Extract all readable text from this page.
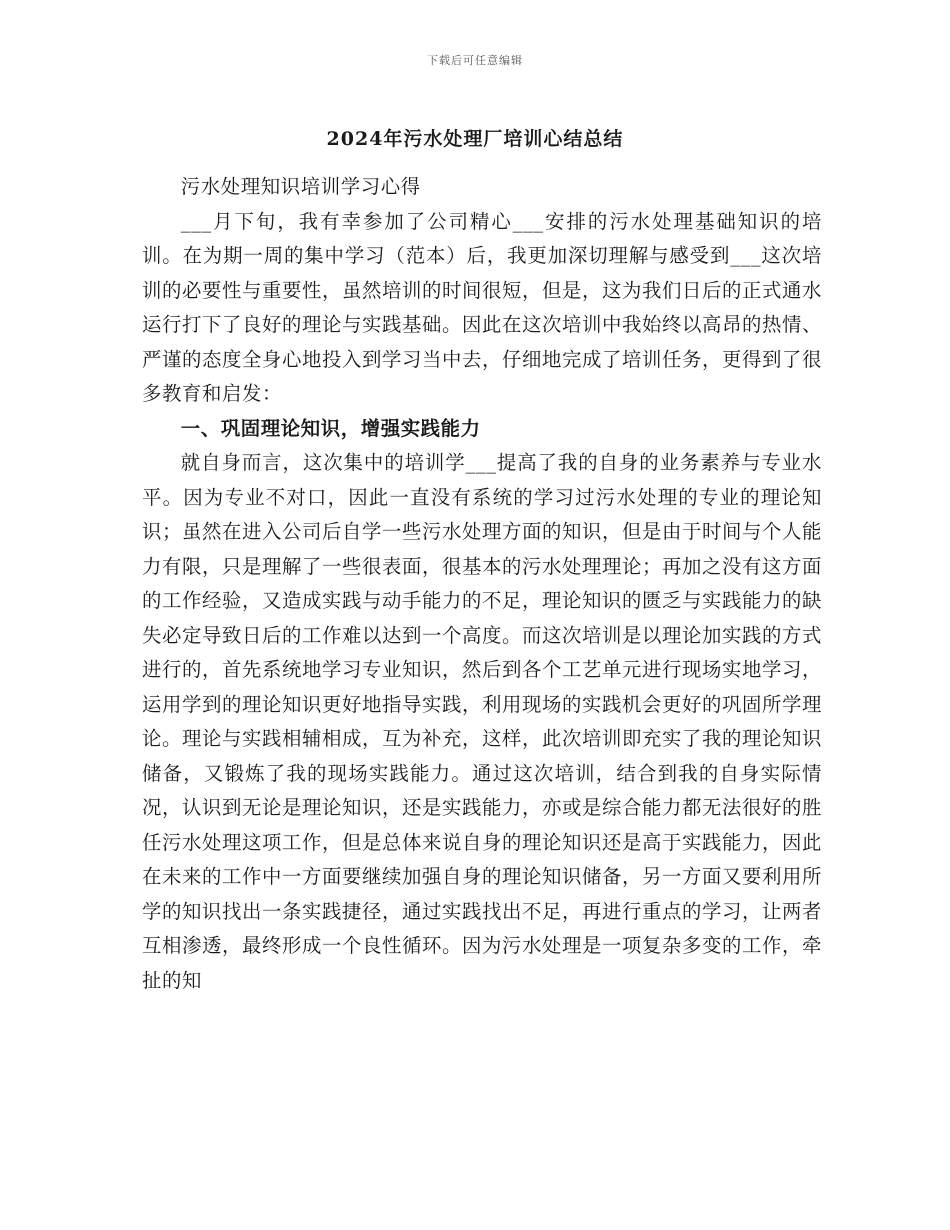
下载后可任意编辑
2024年污水处理厂培训心结总结

污水处理知识培训学习心得

___月下旬，我有幸参加了公司精心___安排的污水处理基础知识的培训。在为期一周的集中学习（范本）后，我更加深切理解与感受到___这次培训的必要性与重要性，虽然培训的时间很短，但是，这为我们日后的正式通水运行打下了良好的理论与实践基础。因此在这次培训中我始终以高昂的热情、严谨的态度全身心地投入到学习当中去，仔细地完成了培训任务，更得到了很多教育和启发：

一、巩固理论知识，增强实践能力

就自身而言，这次集中的培训学___提高了我的自身的业务素养与专业水平。因为专业不对口，因此一直没有系统的学习过污水处理的专业的理论知识；虽然在进入公司后自学一些污水处理方面的知识，但是由于时间与个人能力有限，只是理解了一些很表面，很基本的污水处理理论；再加之没有这方面的工作经验，又造成实践与动手能力的不足，理论知识的匮乏与实践能力的缺失必定导致日后的工作难以达到一个高度。而这次培训是以理论加实践的方式进行的，首先系统地学习专业知识，然后到各个工艺单元进行现场实地学习，运用学到的理论知识更好地指导实践，利用现场的实践机会更好的巩固所学理论。理论与实践相辅相成，互为补充，这样，此次培训即充实了我的理论知识储备，又锻炼了我的现场实践能力。通过这次培训，结合到我的自身实际情况，认识到无论是理论知识，还是实践能力，亦或是综合能力都无法很好的胜任污水处理这项工作，但是总体来说自身的理论知识还是高于实践能力，因此在未来的工作中一方面要继续加强自身的理论知识储备，另一方面又要利用所学的知识找出一条实践捷径，通过实践找出不足，再进行重点的学习，让两者互相渗透，最终形成一个良性循环。因为污水处理是一项复杂多变的工作，牵扯的知
